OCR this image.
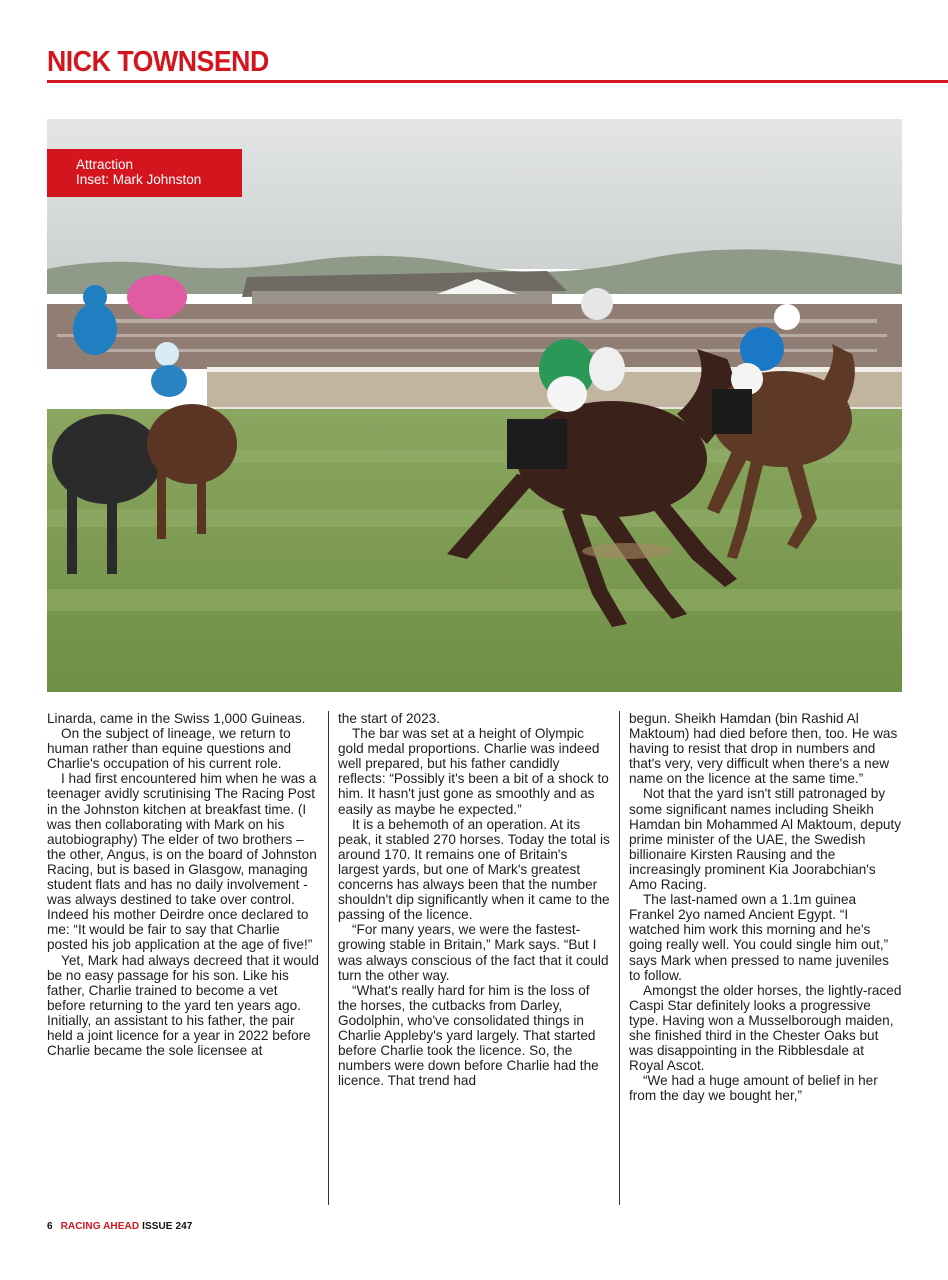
NICK TOWNSEND
Attraction
Inset: Mark Johnston

Linarda, came in the Swiss 1,000 Guineas.

On the subject of lineage, we return to human rather than equine questions and Charlie's occupation of his current role.

I had first encountered him when he was a teenager avidly scrutinising The Racing Post in the Johnston kitchen at breakfast time. (I was then collaborating with Mark on his autobiography) The elder of two brothers – the other, Angus, is on the board of Johnston Racing, but is based in Glasgow, managing student flats and has no daily involvement - was always destined to take over control. Indeed his mother Deirdre once declared to me: “It would be fair to say that Charlie posted his job application at the age of five!”

Yet, Mark had always decreed that it would be no easy passage for his son. Like his father, Charlie trained to become a vet before returning to the yard ten years ago. Initially, an assistant to his father, the pair held a joint licence for a year in 2022 before Charlie became the sole licensee at

the start of 2023.

The bar was set at a height of Olympic gold medal proportions. Charlie was indeed well prepared, but his father candidly reflects: “Possibly it's been a bit of a shock to him. It hasn't just gone as smoothly and as easily as maybe he expected.”

It is a behemoth of an operation. At its peak, it stabled 270 horses. Today the total is around 170. It remains one of Britain's largest yards, but one of Mark's greatest concerns has always been that the number shouldn't dip significantly when it came to the passing of the licence.

“For many years, we were the fastest-growing stable in Britain,” Mark says. “But I was always conscious of the fact that it could turn the other way.

“What's really hard for him is the loss of the horses, the cutbacks from Darley, Godolphin, who've consolidated things in Charlie Appleby's yard largely. That started before Charlie took the licence. So, the numbers were down before Charlie had the licence. That trend had

begun. Sheikh Hamdan (bin Rashid Al Maktoum) had died before then, too. He was having to resist that drop in numbers and that's very, very difficult when there's a new name on the licence at the same time.”

Not that the yard isn't still patronaged by some significant names including Sheikh Hamdan bin Mohammed Al Maktoum, deputy prime minister of the UAE, the Swedish billionaire Kirsten Rausing and the increasingly prominent Kia Joorabchian's Amo Racing.

The last-named own a 1.1m guinea Frankel 2yo named Ancient Egypt. “I watched him work this morning and he's going really well. You could single him out,” says Mark when pressed to name juveniles to follow.

Amongst the older horses, the lightly-raced Caspi Star definitely looks a progressive type. Having won a Musselborough maiden, she finished third in the Chester Oaks but was disappointing in the Ribblesdale at Royal Ascot.

“We had a huge amount of belief in her from the day we bought her,”

6 RACING AHEAD ISSUE 247
